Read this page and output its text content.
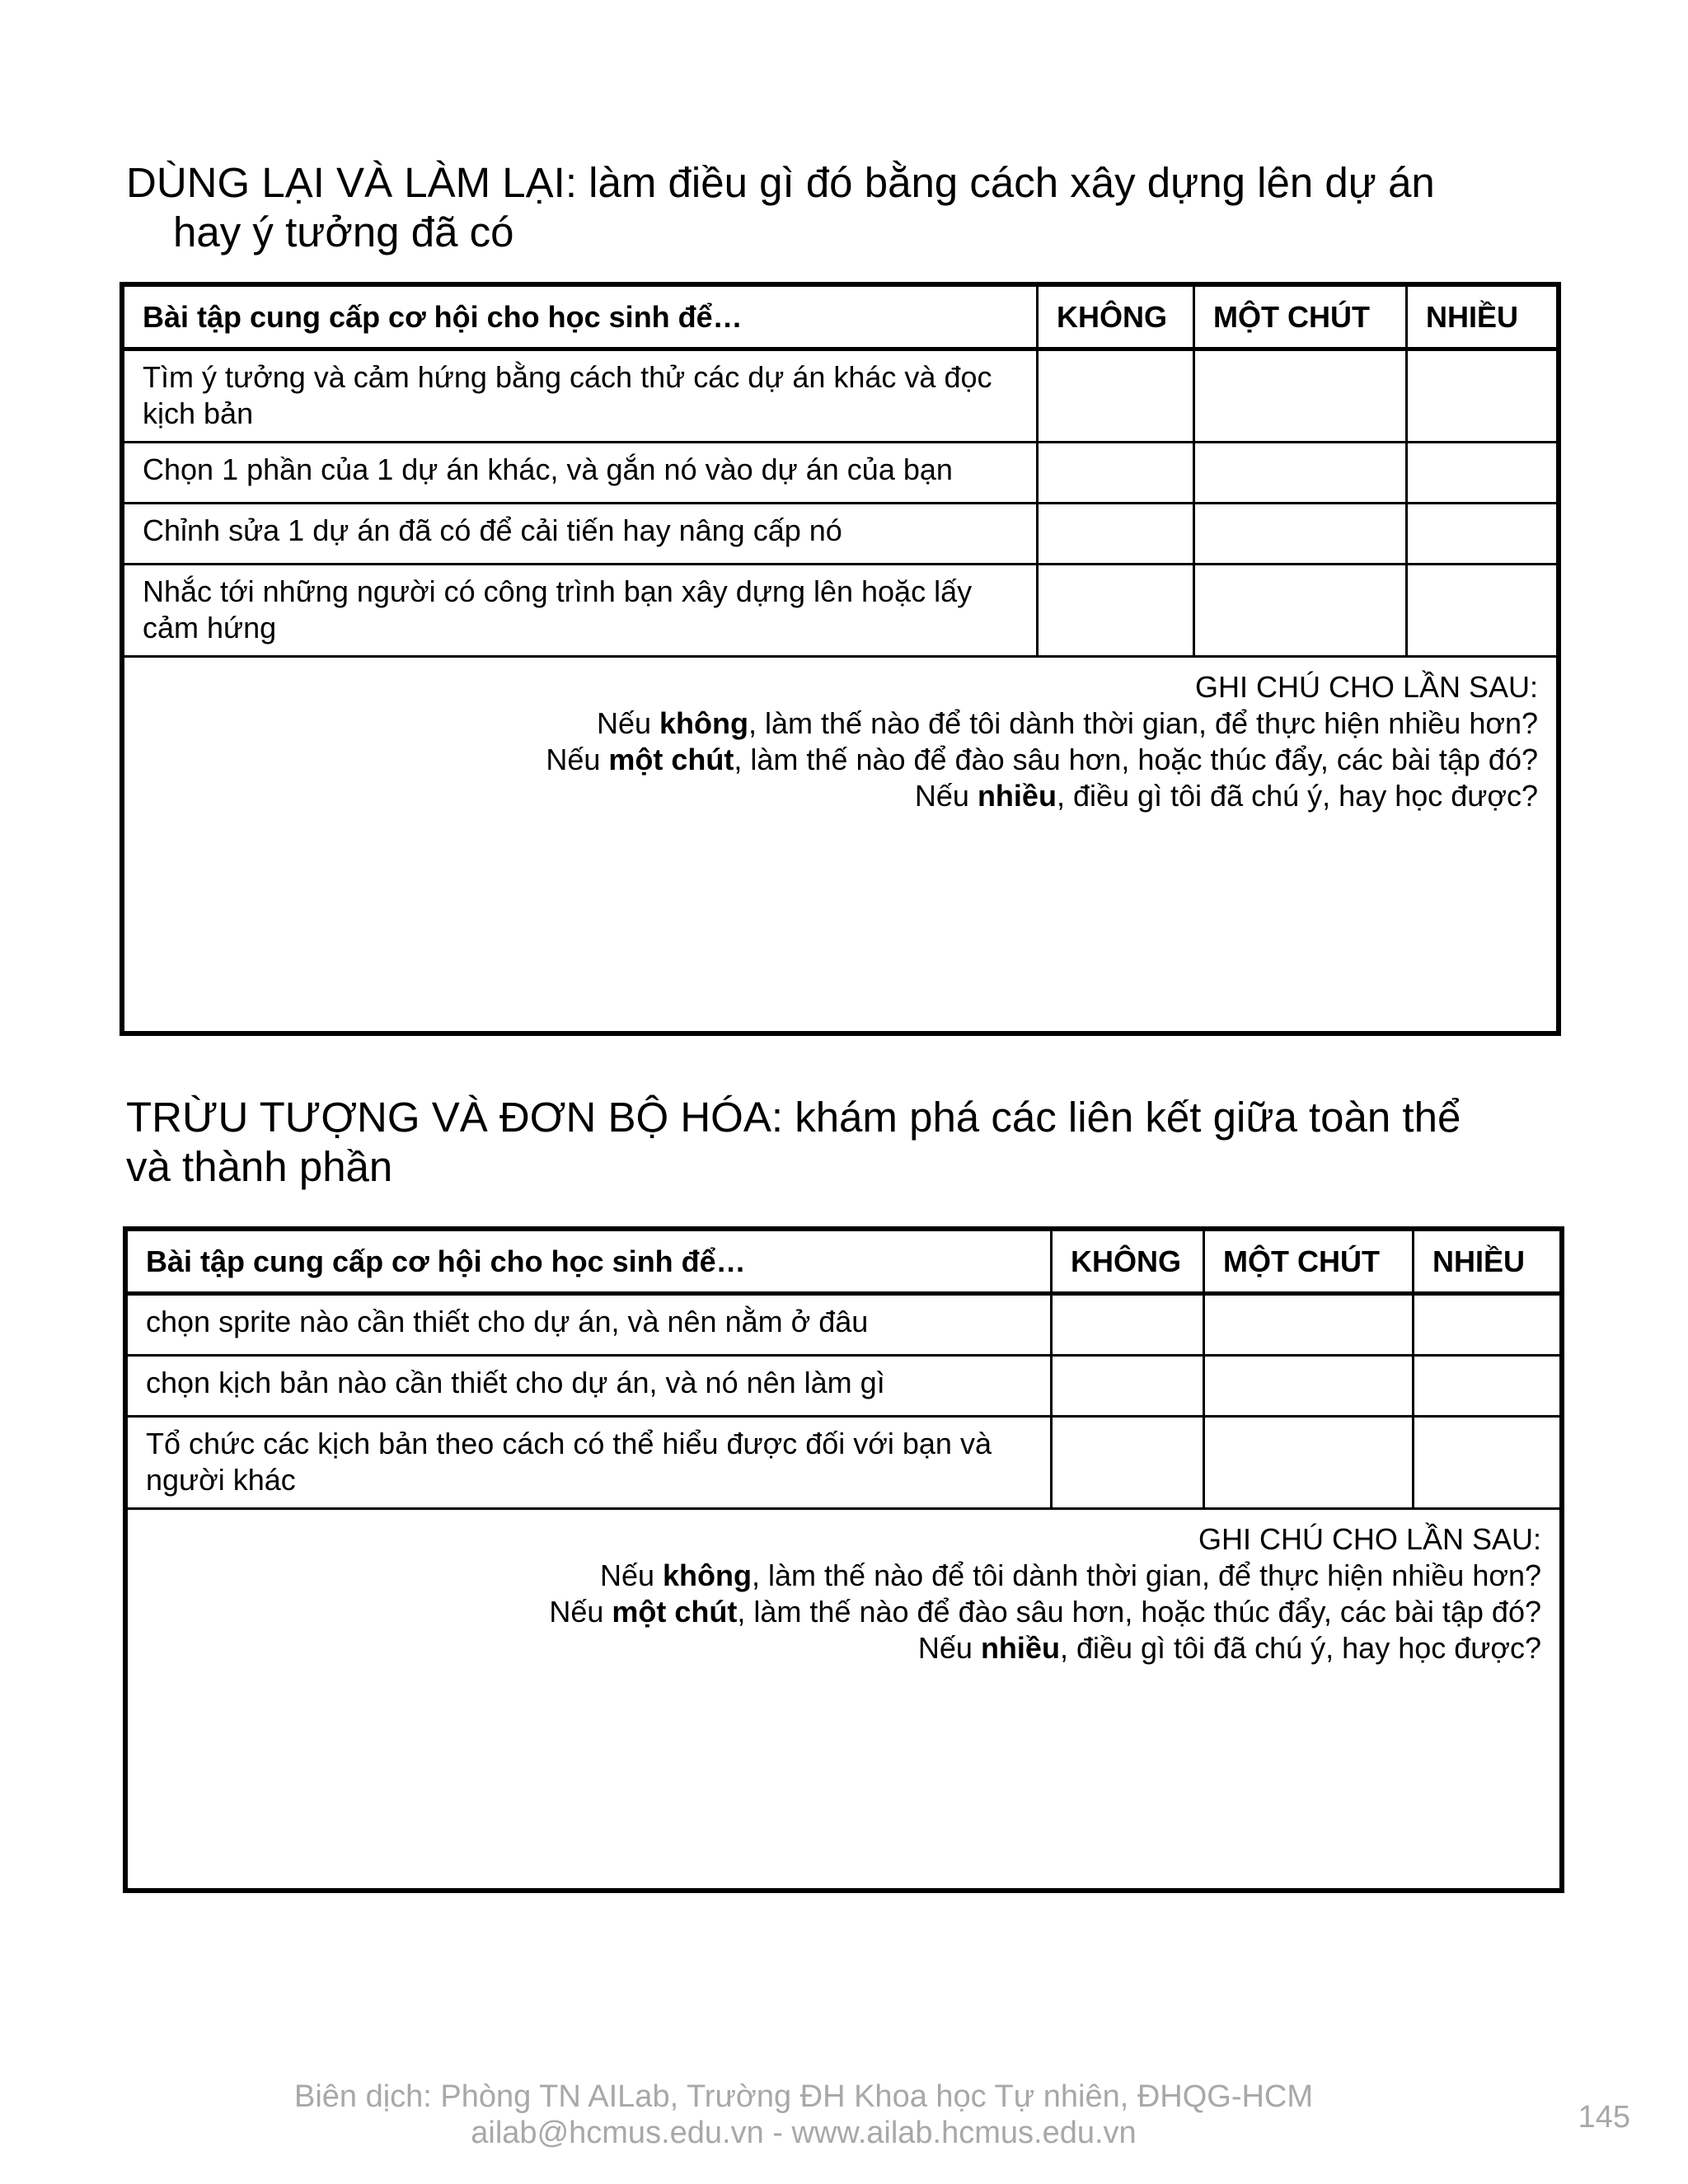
DÙNG LẠI VÀ LÀM LẠI: làm điều gì đó bằng cách xây dựng lên dự án
hay ý tưởng đã có
Bài tập cung cấp cơ hội cho học sinh để…	KHÔNG	MỘT CHÚT	NHIỀU
Tìm ý tưởng và cảm hứng bằng cách thử các dự án khác và đọc
kịch bản
Chọn 1 phần của 1 dự án khác, và gắn nó vào dự án của bạn
Chỉnh sửa 1 dự án đã có để cải tiến hay nâng cấp nó
Nhắc tới những người có công trình bạn xây dựng lên hoặc lấy
cảm hứng
GHI CHÚ CHO LẦN SAU:
Nếu không, làm thế nào để tôi dành thời gian, để thực hiện nhiều hơn?
Nếu một chút, làm thế nào để đào sâu hơn, hoặc thúc đẩy, các bài tập đó?
Nếu nhiều, điều gì tôi đã chú ý, hay học được?
TRỪU TƯỢNG VÀ ĐƠN BỘ HÓA: khám phá các liên kết giữa toàn thể
và thành phần
Bài tập cung cấp cơ hội cho học sinh để…	KHÔNG	MỘT CHÚT	NHIỀU
chọn sprite nào cần thiết cho dự án, và nên nằm ở đâu
chọn kịch bản nào cần thiết cho dự án, và nó nên làm gì
Tổ chức các kịch bản theo cách có thể hiểu được đối với bạn và
người khác
GHI CHÚ CHO LẦN SAU:
Nếu không, làm thế nào để tôi dành thời gian, để thực hiện nhiều hơn?
Nếu một chút, làm thế nào để đào sâu hơn, hoặc thúc đẩy, các bài tập đó?
Nếu nhiều, điều gì tôi đã chú ý, hay học được?
Biên dịch: Phòng TN AILab, Trường ĐH Khoa học Tự nhiên, ĐHQG-HCM
ailab@hcmus.edu.vn - www.ailab.hcmus.edu.vn	145
